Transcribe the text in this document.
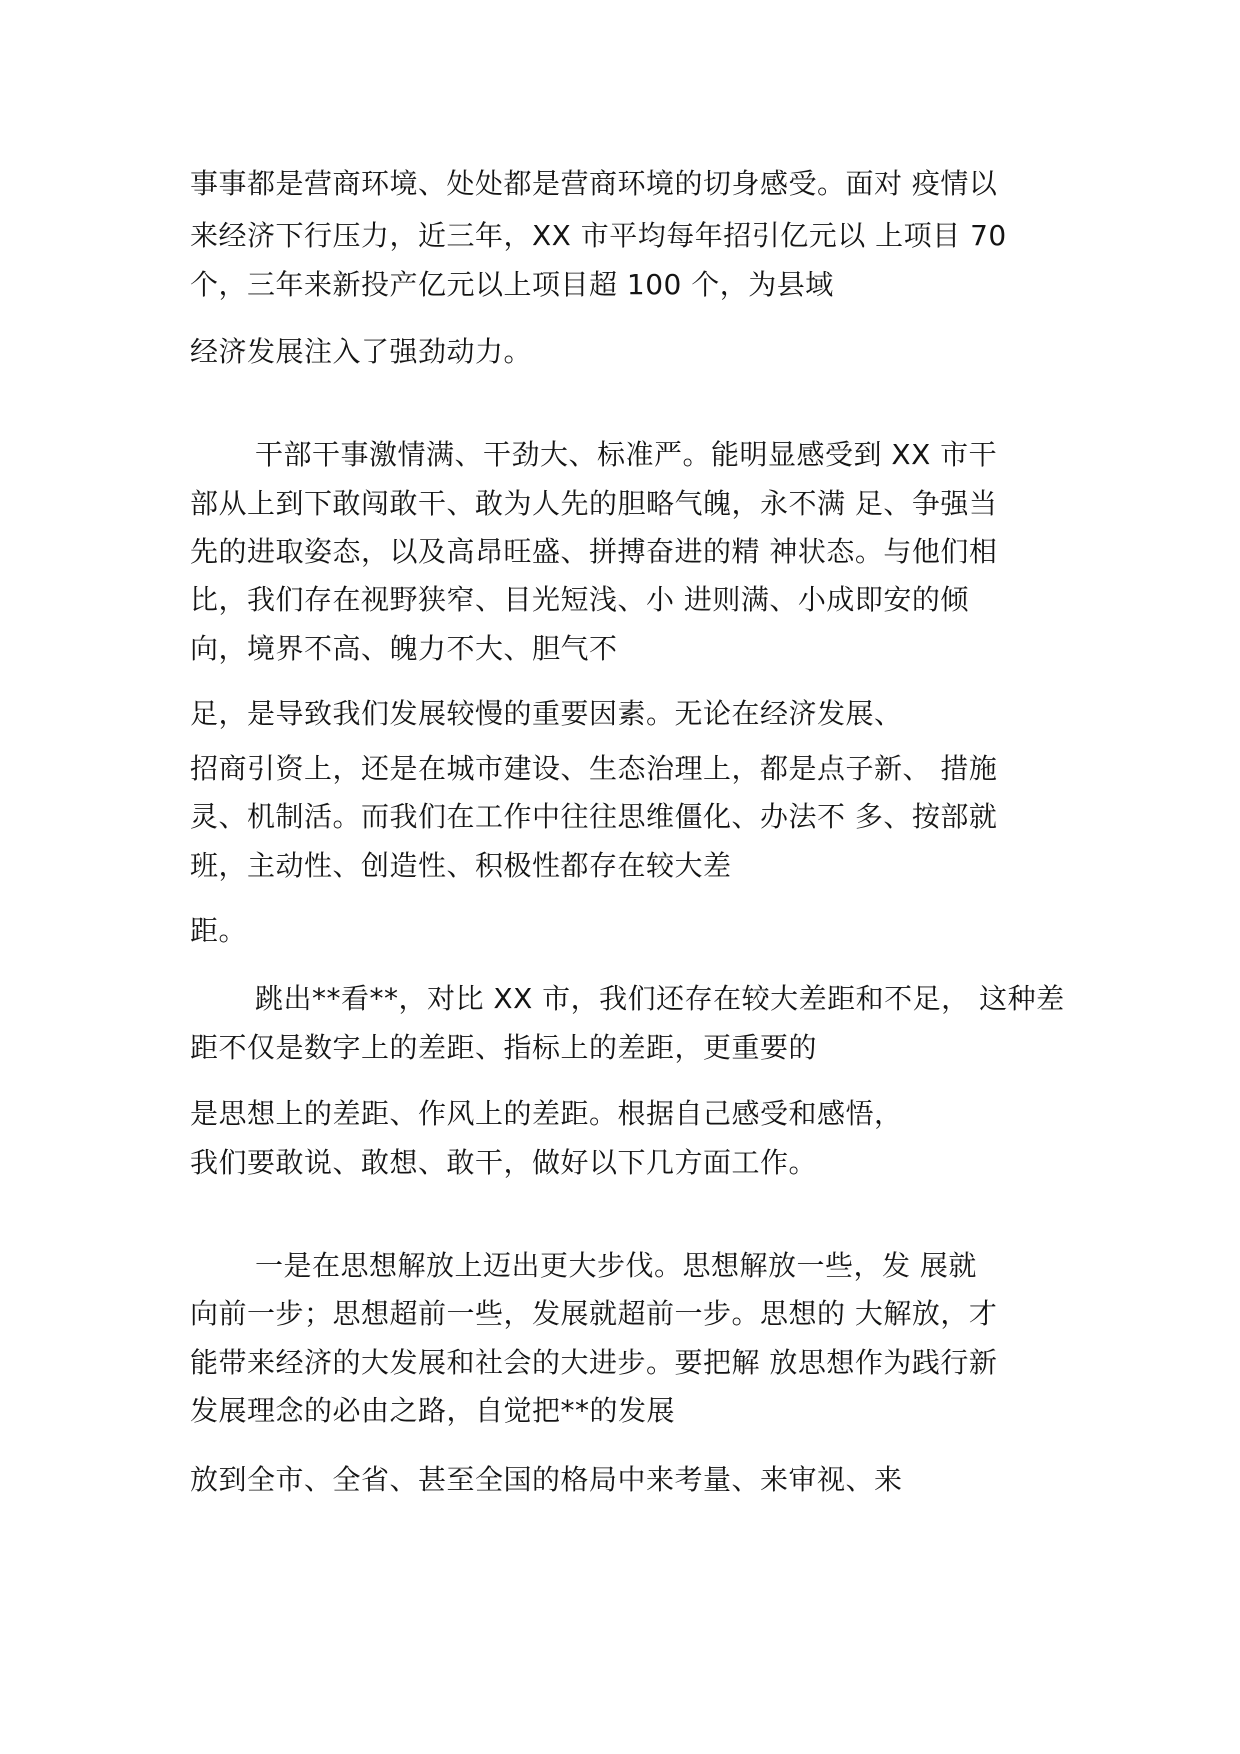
事事都是营商环境、处处都是营商环境的切身感受。面对 疫情以
来经济下行压力，近三年，XX 市平均每年招引亿元以 上项目 70
个，三年来新投产亿元以上项目超 100 个，为县域
经济发展注入了强劲动力。
干部干事激情满、干劲大、标准严。能明显感受到 XX 市干
部从上到下敢闯敢干、敢为人先的胆略气魄，永不满 足、争强当
先的进取姿态，以及高昂旺盛、拼搏奋进的精 神状态。与他们相
比，我们存在视野狭窄、目光短浅、小 进则满、小成即安的倾
向，境界不高、魄力不大、胆气不
足，是导致我们发展较慢的重要因素。无论在经济发展、
招商引资上，还是在城市建设、生态治理上，都是点子新、 措施
灵、机制活。而我们在工作中往往思维僵化、办法不 多、按部就
班，主动性、创造性、积极性都存在较大差
距。
跳出**看**，对比 XX 市，我们还存在较大差距和不足， 这种差
距不仅是数字上的差距、指标上的差距，更重要的
是思想上的差距、作风上的差距。根据自己感受和感悟，
我们要敢说、敢想、敢干，做好以下几方面工作。
一是在思想解放上迈出更大步伐。思想解放一些，发 展就
向前一步；思想超前一些，发展就超前一步。思想的 大解放，才
能带来经济的大发展和社会的大进步。要把解 放思想作为践行新
发展理念的必由之路，自觉把**的发展
放到全市、全省、甚至全国的格局中来考量、来审视、来
